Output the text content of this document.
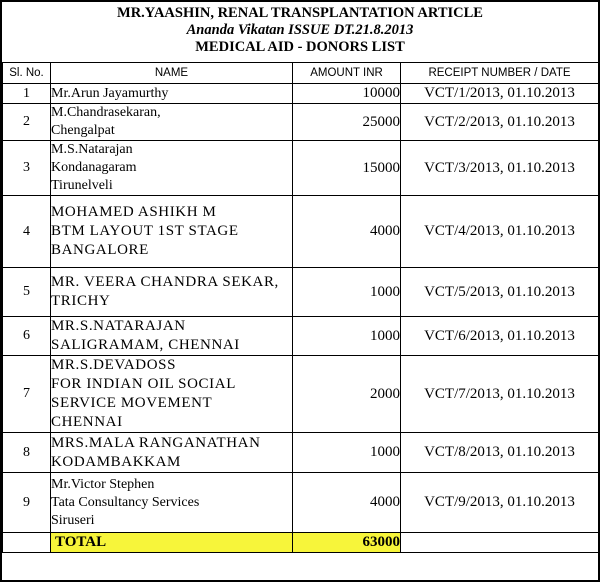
MR.YAASHIN, RENAL TRANSPLANTATION ARTICLE
Ananda Vikatan ISSUE DT.21.8.2013
MEDICAL AID - DONORS LIST
Sl. No.	NAME	AMOUNT INR	RECEIPT NUMBER / DATE
1	Mr.Arun Jayamurthy	10000	VCT/1/2013, 01.10.2013
2	M.Chandrasekaran,
Chengalpat	25000	VCT/2/2013, 01.10.2013
3	M.S.Natarajan
Kondanagaram
Tirunelveli	15000	VCT/3/2013, 01.10.2013
4	MOHAMED ASHIKH M
BTM LAYOUT 1ST STAGE
BANGALORE	4000	VCT/4/2013, 01.10.2013
5	MR. VEERA CHANDRA SEKAR,
TRICHY	1000	VCT/5/2013, 01.10.2013
6	MR.S.NATARAJAN
SALIGRAMAM, CHENNAI	1000	VCT/6/2013, 01.10.2013
7	MR.S.DEVADOSS
FOR INDIAN OIL SOCIAL
SERVICE MOVEMENT
CHENNAI	2000	VCT/7/2013, 01.10.2013
8	MRS.MALA RANGANATHAN
KODAMBAKKAM	1000	VCT/8/2013, 01.10.2013
9	Mr.Victor Stephen
Tata Consultancy Services
Siruseri	4000	VCT/9/2013, 01.10.2013
	TOTAL	63000	
